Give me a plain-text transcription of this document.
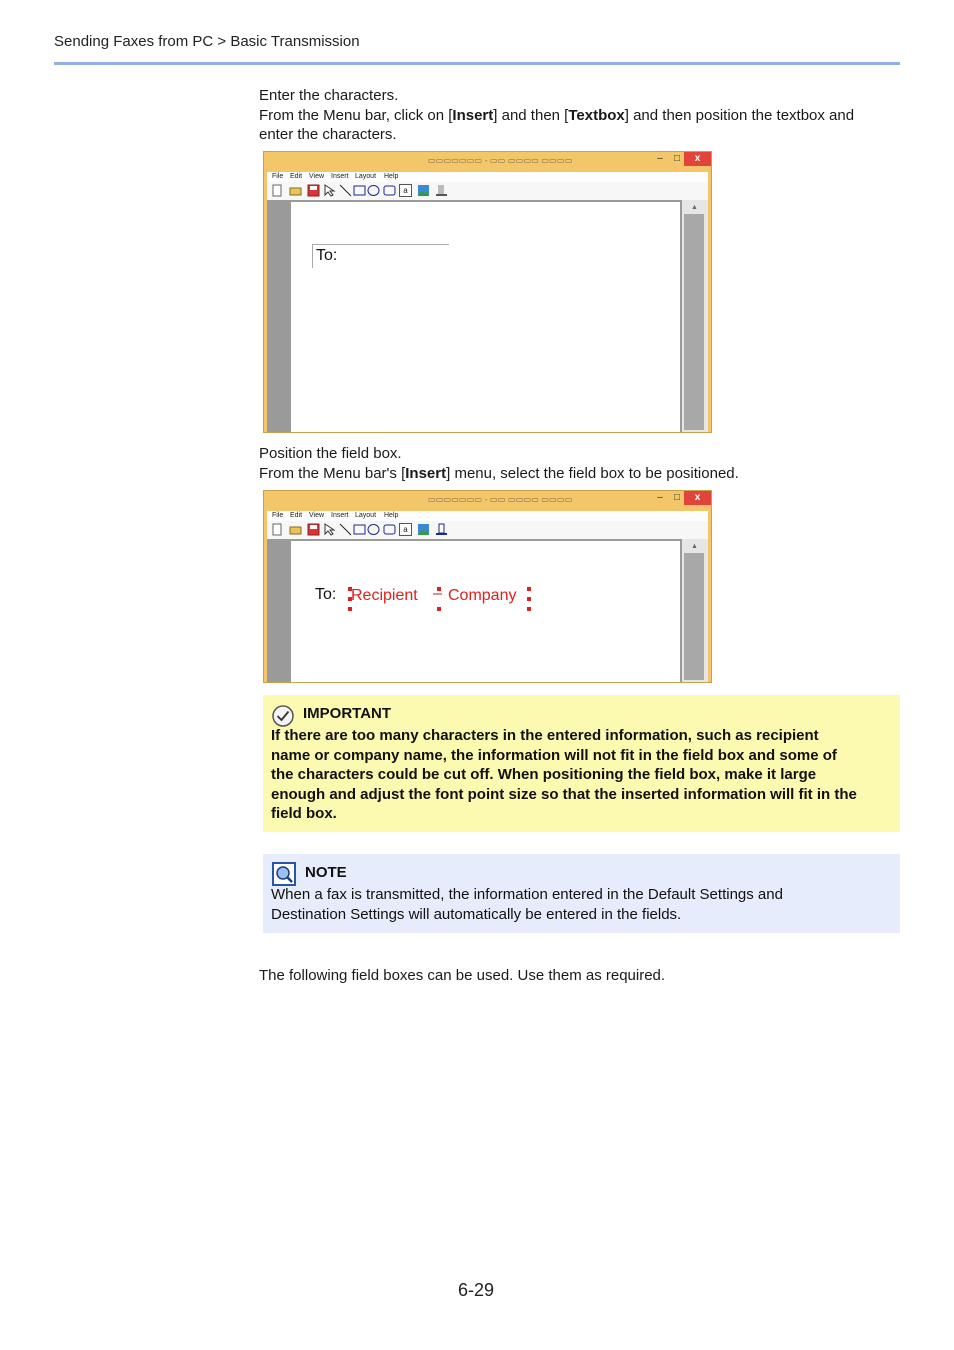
Sending Faxes from PC > Basic Transmission
Enter the characters.
From the Menu bar, click on [Insert] and then [Textbox] and then position the textbox and
enter the characters.
▭▭▭▭▭▭▭ - ▭▭ ▭▭▭▭ ▭▭▭▭	–	□	x
File Edit View Insert Layout Help
a
To:
▲
Position the field box.
From the Menu bar's [Insert] menu, select the field box to be positioned.
▭▭▭▭▭▭▭ - ▭▭ ▭▭▭▭ ▭▭▭▭	–	□	x
File Edit View Insert Layout Help
a
To: Recipient – Company
▲
IMPORTANT
If there are too many characters in the entered information, such as recipient
name or company name, the information will not fit in the field box and some of
the characters could be cut off. When positioning the field box, make it large
enough and adjust the font point size so that the inserted information will fit in the
field box.
NOTE
When a fax is transmitted, the information entered in the Default Settings and
Destination Settings will automatically be entered in the fields.
The following field boxes can be used. Use them as required.
6-29
